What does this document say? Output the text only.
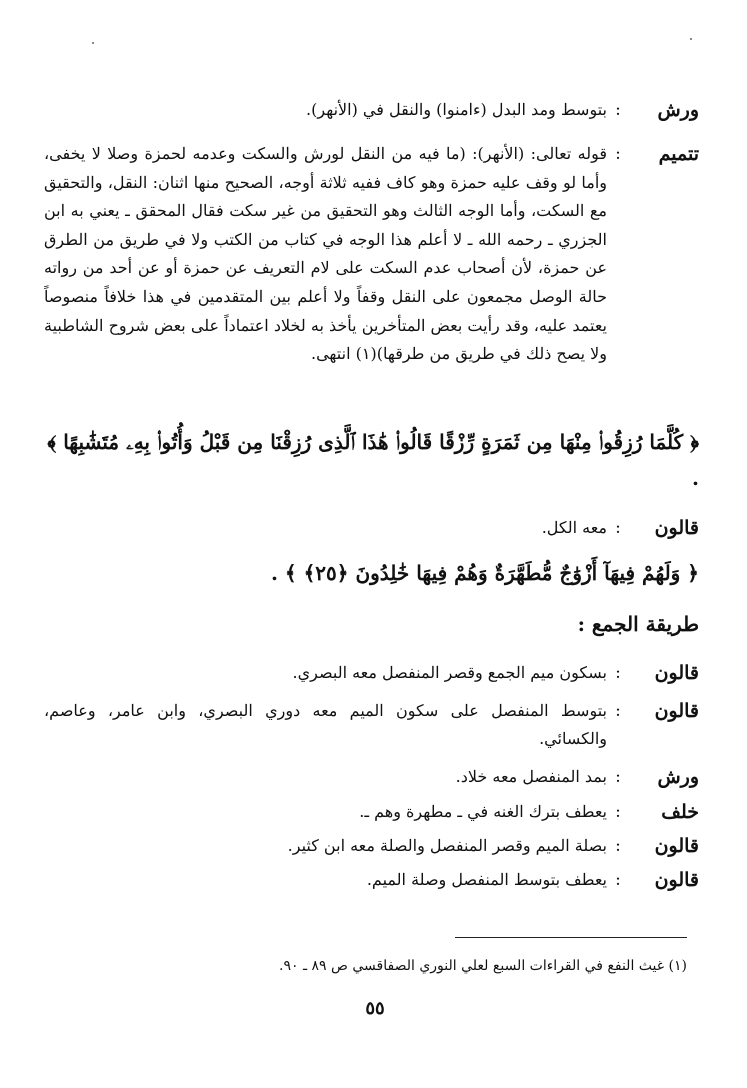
ورش
:
بتوسط ومد البدل (ءامنوا) والنقل في (الأنهر).
تتميم
:
قوله تعالى: (الأنهر): (ما فيه من النقل لورش والسكت وعدمه لحمزة وصلا لا يخفى، وأما لو وقف عليه حمزة وهو كاف ففيه ثلاثة أوجه، الصحيح منها اثنان: النقل، والتحقيق مع السكت، وأما الوجه الثالث وهو التحقيق من غير سكت فقال المحقق ـ يعني به ابن الجزري ـ رحمه الله ـ لا أعلم هذا الوجه في كتاب من الكتب ولا في طريق من الطرق عن حمزة، لأن أصحاب عدم السكت على لام التعريف عن حمزة أو عن أحد من رواته حالة الوصل مجمعون على النقل وقفاً ولا أعلم بين المتقدمين في هذا خلافاً منصوصاً يعتمد عليه، وقد رأيت بعض المتأخرين يأخذ به لخلاد اعتماداً على بعض شروح الشاطبية ولا يصح ذلك في طريق من طرقها)(١) انتهى.
﴿ كُلَّمَا رُزِقُوا۟ مِنْهَا مِن ثَمَرَةٍ رِّزْقًا قَالُوا۟ هَٰذَا ٱلَّذِى رُزِقْنَا مِن قَبْلُ وَأُتُوا۟ بِهِۦ مُتَشَٰبِهًا ﴾ .
قالون
:
معه الكل.
﴿ وَلَهُمْ فِيهَآ أَزْوَٰجٌ مُّطَهَّرَةٌ وَهُمْ فِيهَا خَٰلِدُونَ ﴿٢٥﴾ ﴾ .
طريقة الجمع :
قالون
:
بسكون ميم الجمع وقصر المنفصل معه البصري.
قالون
:
بتوسط المنفصل على سكون الميم معه دوري البصري، وابن عامر، وعاصم، والكسائي.
ورش
:
بمد المنفصل معه خلاد.
خلف
:
يعطف بترك الغنه في ـ مطهرة وهم ـ.
قالون
:
بصلة الميم وقصر المنفصل والصلة معه ابن كثير.
قالون
:
يعطف بتوسط المنفصل وصلة الميم.
(١) غيث النفع في القراءات السبع لعلي النوري الصفاقسي ص ٨٩ ـ ٩٠.
٥٥
